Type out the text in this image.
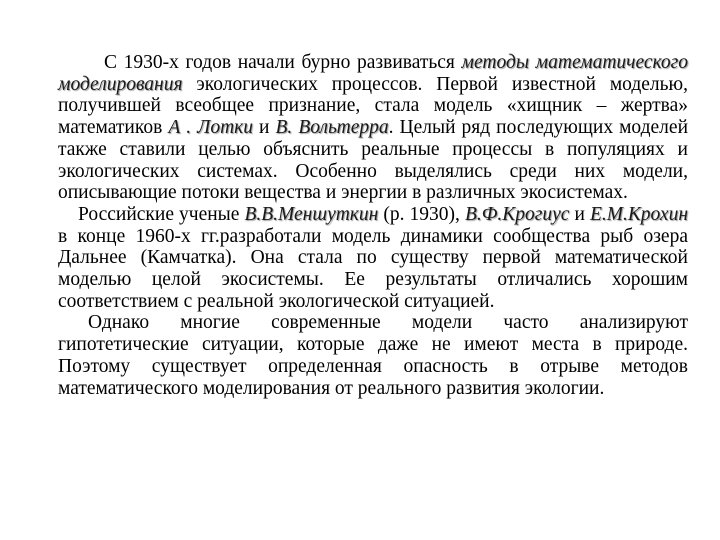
С 1930-х годов начали бурно развиваться методы математического моделирования экологических процессов. Первой известной моделью, получившей всеобщее признание, стала модель «хищник – жертва» математиков А . Лотки и В. Вольтерра. Целый ряд последующих моделей также ставили целью объяснить реальные процессы в популяциях и экологических системах. Особенно выделялись среди них модели, описывающие потоки вещества и энергии в различных экосистемах.

Российские ученые В.В.Меншуткин (р. 1930), В.Ф.Крогиус и Е.М.Крохин в конце 1960-х гг.разработали модель динамики сообщества рыб озера Дальнее (Камчатка). Она стала по существу первой математической моделью целой экосистемы. Ее результаты отличались хорошим соответствием с реальной экологической ситуацией.

Однако многие современные модели часто анализируют гипотетические ситуации, которые даже не имеют места в природе. Поэтому существует определенная опасность в отрыве методов математического моделирования от реального развития экологии.
